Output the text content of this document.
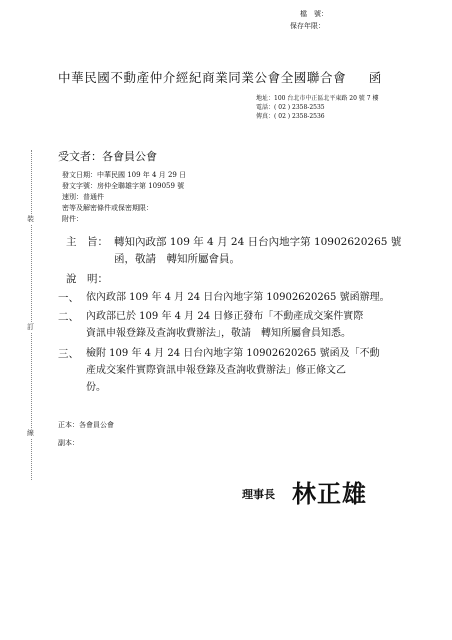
檔　號：
保存年限：
中華民國不動產仲介經紀商業同業公會全國聯合會 函
地址：100 台北市中正區北平東路 20 號 7 樓
電話：( 02 ) 2358-2535
傳真：( 02 ) 2358-2536
受文者：各會員公會
發文日期：中華民國 109 年 4 月 29 日
發文字號：房仲全聯雄字第 109059 號
速別：普通件
密等及解密條件或保密期限：
附件：
主　旨： 轉知內政部 109 年 4 月 24 日台內地字第 10902620265 號
函，敬請　轉知所屬會員。
說　明：
一、 依內政部 109 年 4 月 24 日台內地字第 10902620265 號函辦理。
二、 內政部已於 109 年 4 月 24 日修正發布「不動產成交案件實際
資訊申報登錄及查詢收費辦法」，敬請　轉知所屬會員知悉。
三、 檢附 109 年 4 月 24 日台內地字第 10902620265 號函及「不動
產成交案件實際資訊申報登錄及查詢收費辦法」修正條文乙
份。
正本：各會員公會
副本：
理事長 林正雄
裝
訂
線
